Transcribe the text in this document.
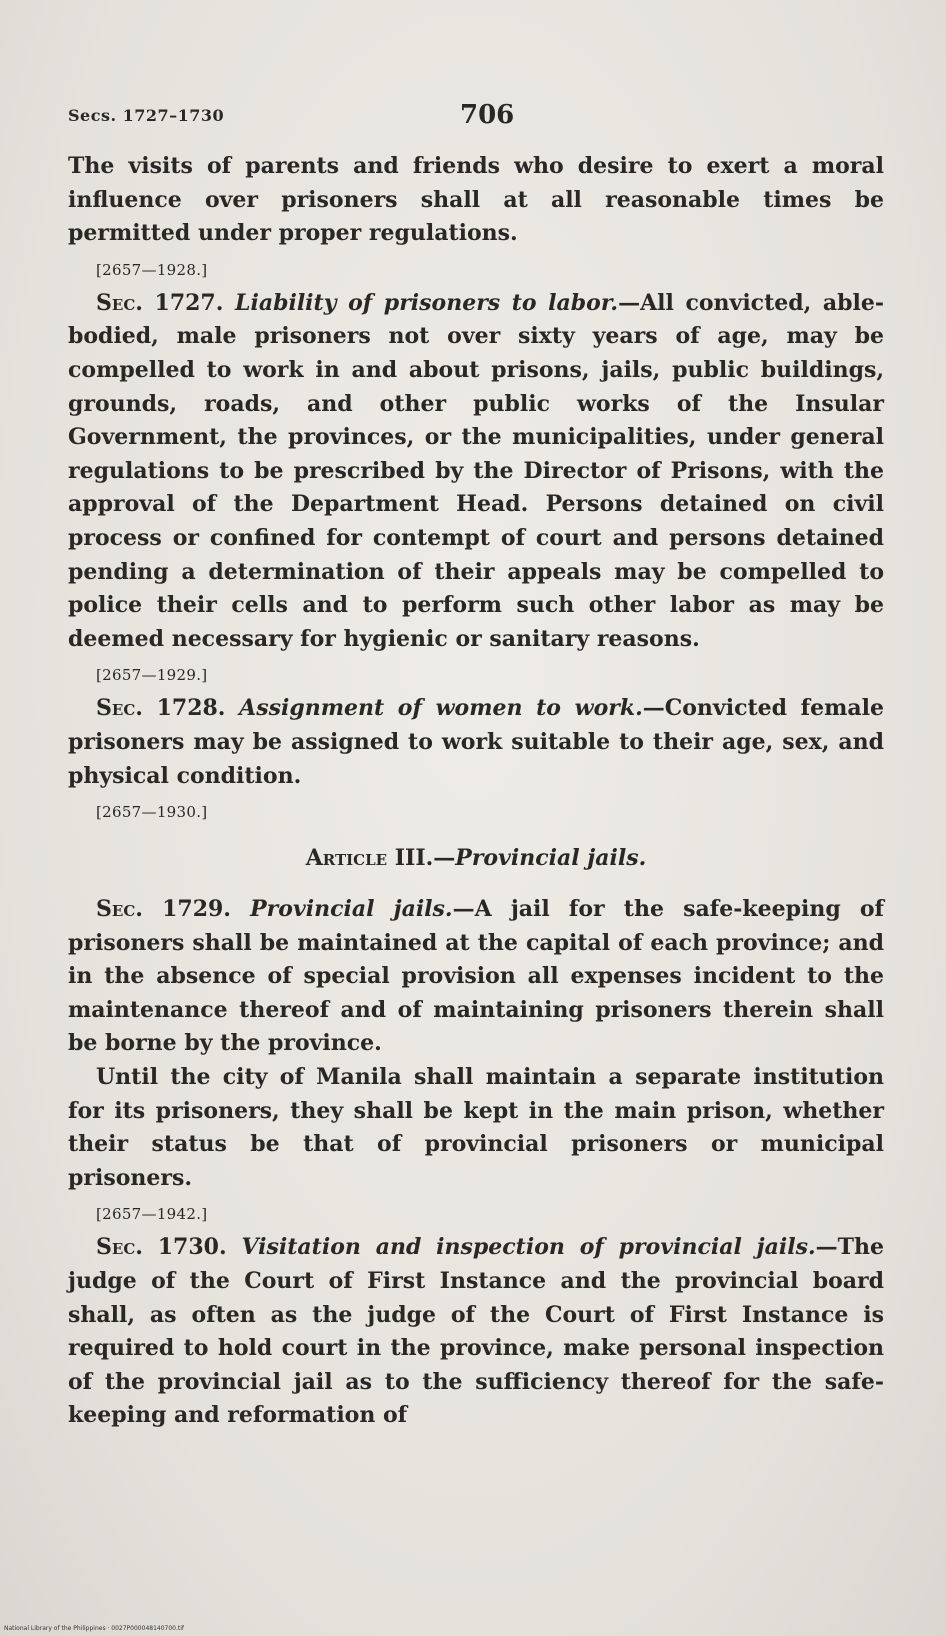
Secs. 1727–1730	706

The visits of parents and friends who desire to exert a moral influence over prisoners shall at all reasonable times be permitted under proper regulations.

[2657—1928.]

Sec. 1727. Liability of prisoners to labor.—All convicted, able-bodied, male prisoners not over sixty years of age, may be compelled to work in and about prisons, jails, public buildings, grounds, roads, and other public works of the Insular Government, the provinces, or the municipalities, under general regulations to be prescribed by the Director of Prisons, with the approval of the Department Head. Persons detained on civil process or confined for contempt of court and persons detained pending a determination of their appeals may be compelled to police their cells and to perform such other labor as may be deemed necessary for hygienic or sanitary reasons.

[2657—1929.]

Sec. 1728. Assignment of women to work.—Convicted female prisoners may be assigned to work suitable to their age, sex, and physical condition.

[2657—1930.]

Article III.—Provincial jails.

Sec. 1729. Provincial jails.—A jail for the safe-keeping of prisoners shall be maintained at the capital of each province; and in the absence of special provision all expenses incident to the maintenance thereof and of maintaining prisoners therein shall be borne by the province.

Until the city of Manila shall maintain a separate institution for its prisoners, they shall be kept in the main prison, whether their status be that of provincial prisoners or municipal prisoners.

[2657—1942.]

Sec. 1730. Visitation and inspection of provincial jails.—The judge of the Court of First Instance and the provincial board shall, as often as the judge of the Court of First Instance is required to hold court in the province, make personal inspection of the provincial jail as to the sufficiency thereof for the safe-keeping and reformation of

National Library of the Philippines · 0027P000048140700.tif
